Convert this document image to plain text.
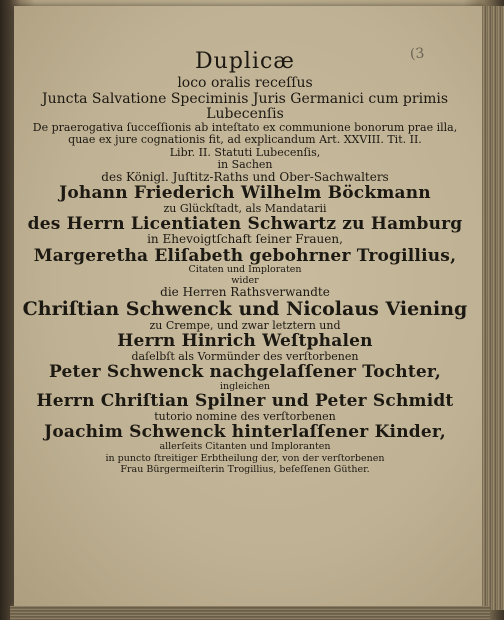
(3
Duplicæ
loco oralis receſſus
Juncta Salvatione Speciminis Juris Germanici cum primis
Lubecenſis
De praerogativa ſucceſſionis ab inteſtato ex communione bonorum prae illa,
quae ex jure cognationis fit, ad explicandum Art. XXVIII. Tit. II.
Libr. II. Statuti Lubecenſis,
in Sachen
des Königl. Juſtitz-Raths und Ober-Sachwalters
Johann Friederich Wilhelm Böckmann
zu Glückſtadt, als Mandatarii
des Herrn Licentiaten Schwartz zu Hamburg
in Ehevoigtſchaft ſeiner Frauen,
Margeretha Eliſabeth gebohrner Trogillius,
Citaten und Imploraten
wider
die Herren Rathsverwandte
Chriſtian Schwenck und Nicolaus Viening
zu Crempe, und zwar letztern und
Herrn Hinrich Weſtphalen
daſelbſt als Vormünder des verſtorbenen
Peter Schwenck nachgelaſſener Tochter,
ingleichen
Herrn Chriſtian Spilner und Peter Schmidt
tutorio nomine des verſtorbenen
Joachim Schwenck hinterlaſſener Kinder,
allerſeits Citanten und Imploranten
in puncto ſtreitiger Erbtheilung der, von der verſtorbenen
Frau Bürgermeiſterin Trogillius, beſeſſenen Güther.
